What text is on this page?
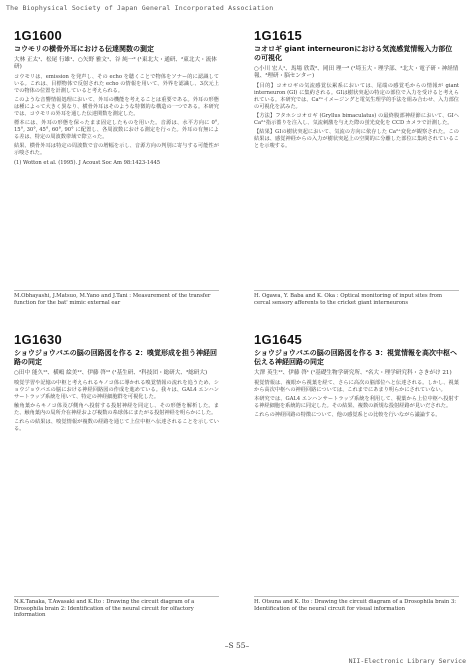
The Biophysical Society of Japan General Incorporated Association
1G1600
コウモリの横骨外耳における伝達関数の測定
大林 正太¹、松尾 行雄¹、○矢野 雅文¹、谷 純一² (¹東北大・通研、²東北大・流体研)

コウモリは、emission を発声し、その echo を聴くことで物体をソナー的に認識している。これは、目標物体で反射された echo の情報を用いて、外界を認識し、3次元上での物体の位置を計測していると考えられる。

このような音響情報処理において、外耳の機能を考えることは重要である。外耳の形態は種によって大きく異なり、横骨外耳はそのような特徴的な構造の一つである。本研究では、コウモリの外耳を通した伝達関数を測定した。

標本には、外耳の形態を保ったまま固定したものを用いた。音源は、水平方向に 0°, 15°, 30°, 45°, 60°, 90° に配置し、各周波数における測定を行った。外耳の有無による差は、特定の周波数帯域で際立った。

結果、横骨外耳は特定の周波数で音の増幅を示し、音源方向の判別に寄与する可能性が示唆された。

(1) Wotton et al. (1995). J Acoust Soc Am 98:1423-1445
M.Obhayashi, J.Matsuo, M.Yano and J.Tani : Measurement of the transfer function for the bat' mimic external ear
1G1615
コオロギ giant interneuronにおける気流感覚情報入力部位の可視化
○小川 宏人¹、馬場 欣哉²、岡田 理一³ (¹埼玉大・理学部、²北大・電子研・神経情報、³理研・脳センター)

【目的】コオロギの気流感覚伝累系においては、尾端の感覚毛からの情報が giant interneuron (GI) に集約される。GIは樹状突起の特定の部位で入力を受けると考えられている。本研究では、Ca²⁺イメージングと電気生理学的手法を組み合わせ、入力部位の可視化を試みた。

【方法】フタホシコオロギ (Gryllus bimaculatus) の最終腹部神経節において、GIへ Ca²⁺指示薔りを注入し、気流刺激を与えた際の蛍光変化を CCD カメラで計測した。

【結果】GIの樹状突起において、気流の方向に依存した Ca²⁺変化が観察された。この結果は、感覚神経からの入力が樹状突起上の空間的に分離した部位に集約されていることを示唆する。

H. Ogawa, Y. Baba and K. Oka : Optical monitoring of input sites from cercal sensory afferents to the cricket giant interneurons
1G1630
ショウジョウバエの脳の回路図を作る 2：嗅覚形成を担う神経回路の同定
○田中 能久¹²、横嶋 絵美¹²、伊藤 啓¹² (¹基生研、²科技団・総研大、³総研大)

嗅覚学習や記憶の中枢と考えられるキノコ体に導かれる嗅覚情報の流れを追うため、ショウジョウバエの脳における神経回路図の作成を進めている。我々は、GAL4 エンハンサートラップ系統を用いて、特定の神経細胞群を可視化した。

触角葉からキノコ体及び側角へ投射する投射神経を同定し、その形態を解析した。また、触角葉内の局所介在神経および複数の糸球体にまたがる投射神経を明らかにした。

これらの結果は、嗅覚情報が複数の経路を通じて上位中枢へ伝達されることを示している。

N.K.Tanaka, T.Awasaki and K.Ito : Drawing the circuit diagram of a Drosophila brain 2: Identification of the neural circuit for olfactory information
1G1645
ショウジョウバエの脳の回路図を作る 3：視覚情報を高次中枢へ伝える神経回路の同定
大澤 英生¹²、伊藤 啓¹ (¹基礎生物学研究所、²名大・理学研究科・さきがけ 21)

視覚情報は、複眼から視葉を経て、さらに高次の脳部位へと伝達される。しかし、視葉から高次中枢への神経回路については、これまでにあまり明らかにされていない。

本研究では、GAL4 エンハンサートラップ系統を利用して、視葉から上位中枢へ投射する神経細胞を系統的に同定した。その結果、複数の新規な投射経路が見いだされた。

これらの神経回路の特徴について、他の感覚系との比較を行いながら議論する。

H. Otsuna and K. Ito : Drawing the circuit diagram of a Drosophila brain 3: Identification of the neural circuit for visual information
–S 55–
NII-Electronic Library Service
